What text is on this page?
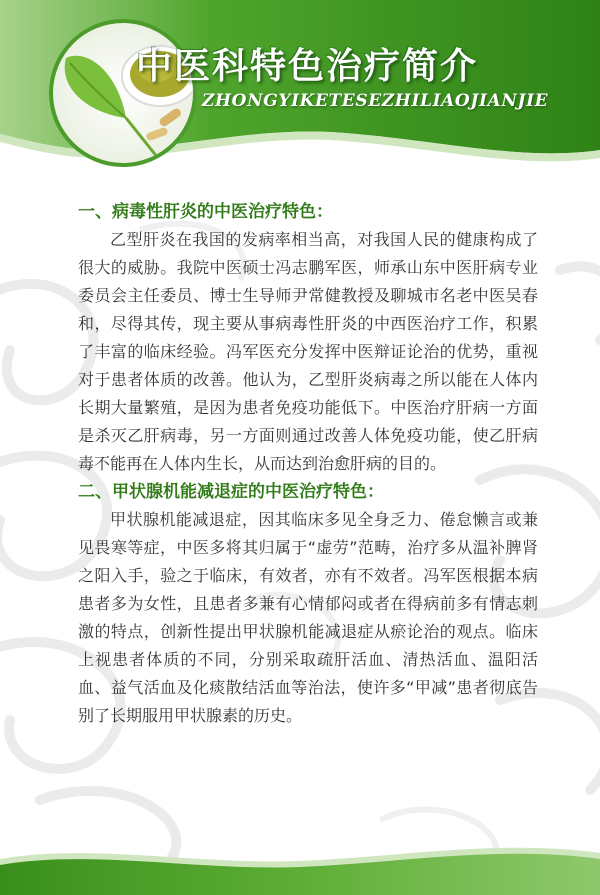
中医科特色治疗简介
ZHONGYIKETESEZHILIAOJIANJIE
一、病毒性肝炎的中医治疗特色：
乙型肝炎在我国的发病率相当高，对我国人民的健康构成了很大的威胁。我院中医硕士冯志鹏军医，师承山东中医肝病专业委员会主任委员、博士生导师尹常健教授及聊城市名老中医吴春和，尽得其传，现主要从事病毒性肝炎的中西医治疗工作，积累了丰富的临床经验。冯军医充分发挥中医辩证论治的优势，重视对于患者体质的改善。他认为，乙型肝炎病毒之所以能在人体内长期大量繁殖，是因为患者免疫功能低下。中医治疗肝病一方面是杀灭乙肝病毒，另一方面则通过改善人体免疫功能，使乙肝病毒不能再在人体内生长，从而达到治愈肝病的目的。
二、甲状腺机能减退症的中医治疗特色：
甲状腺机能减退症，因其临床多见全身乏力、倦怠懒言或兼见畏寒等症，中医多将其归属于“虚劳”范畴，治疗多从温补脾肾之阳入手，验之于临床，有效者，亦有不效者。冯军医根据本病患者多为女性，且患者多兼有心情郁闷或者在得病前多有情志刺激的特点，创新性提出甲状腺机能减退症从瘀论治的观点。临床上视患者体质的不同，分别采取疏肝活血、清热活血、温阳活血、益气活血及化痰散结活血等治法，使许多“甲减”患者彻底告别了长期服用甲状腺素的历史。
